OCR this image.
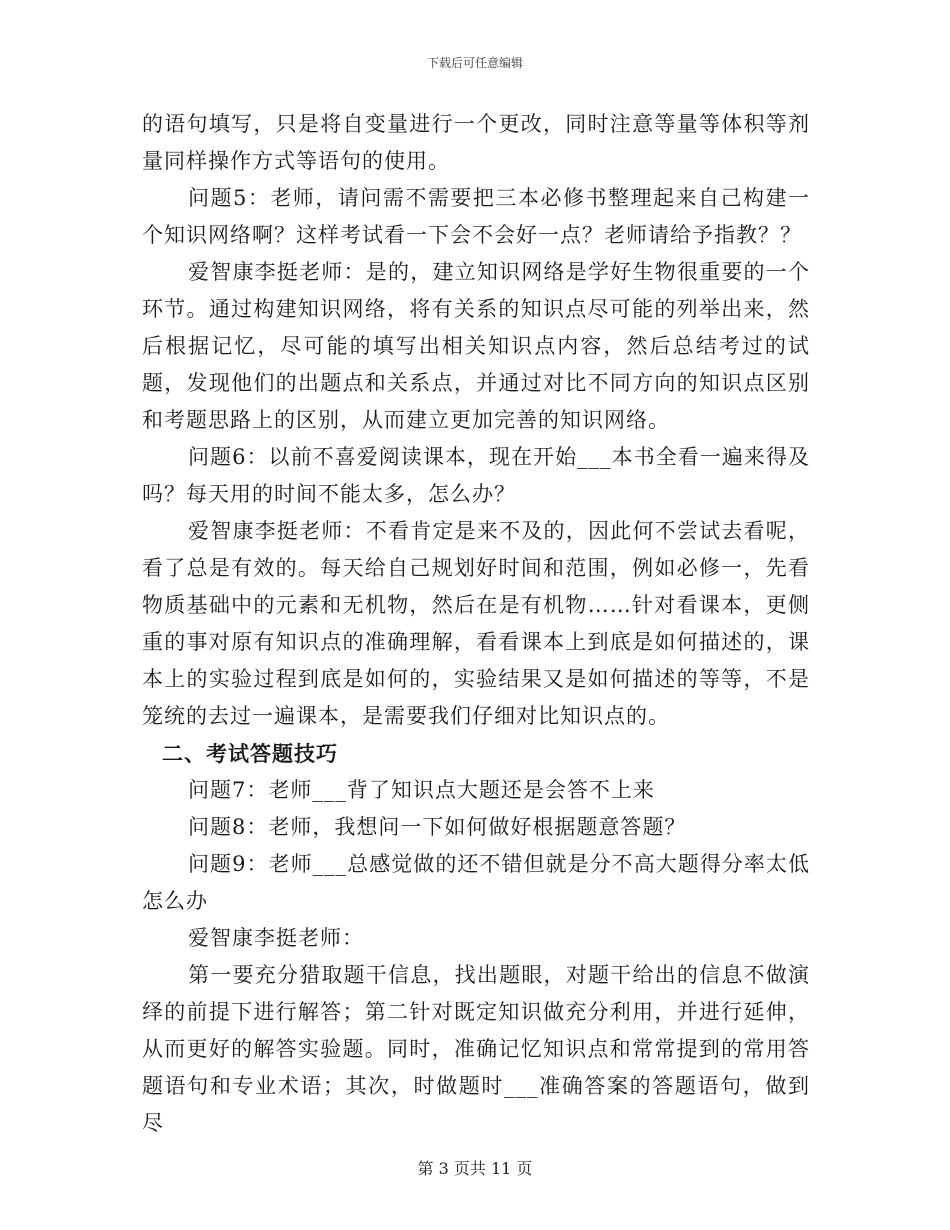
下载后可任意编辑

的语句填写，只是将自变量进行一个更改，同时注意等量等体积等剂量同样操作方式等语句的使用。

问题5：老师，请问需不需要把三本必修书整理起来自己构建一个知识网络啊？这样考试看一下会不会好一点？老师请给予指教？？

爱智康李挺老师：是的，建立知识网络是学好生物很重要的一个环节。通过构建知识网络，将有关系的知识点尽可能的列举出来，然后根据记忆，尽可能的填写出相关知识点内容，然后总结考过的试题，发现他们的出题点和关系点，并通过对比不同方向的知识点区别和考题思路上的区别，从而建立更加完善的知识网络。

问题6：以前不喜爱阅读课本，现在开始___本书全看一遍来得及吗？每天用的时间不能太多，怎么办？

爱智康李挺老师：不看肯定是来不及的，因此何不尝试去看呢，看了总是有效的。每天给自己规划好时间和范围，例如必修一，先看物质基础中的元素和无机物，然后在是有机物……针对看课本，更侧重的事对原有知识点的准确理解，看看课本上到底是如何描述的，课本上的实验过程到底是如何的，实验结果又是如何描述的等等，不是笼统的去过一遍课本，是需要我们仔细对比知识点的。

二、考试答题技巧

问题7：老师___背了知识点大题还是会答不上来

问题8：老师，我想问一下如何做好根据题意答题？

问题9：老师___总感觉做的还不错但就是分不高大题得分率太低怎么办

爱智康李挺老师：

第一要充分猎取题干信息，找出题眼，对题干给出的信息不做演绎的前提下进行解答；第二针对既定知识做充分利用，并进行延伸，从而更好的解答实验题。同时，准确记忆知识点和常常提到的常用答题语句和专业术语；其次，时做题时___准确答案的答题语句，做到尽

第 3 页共 11 页
